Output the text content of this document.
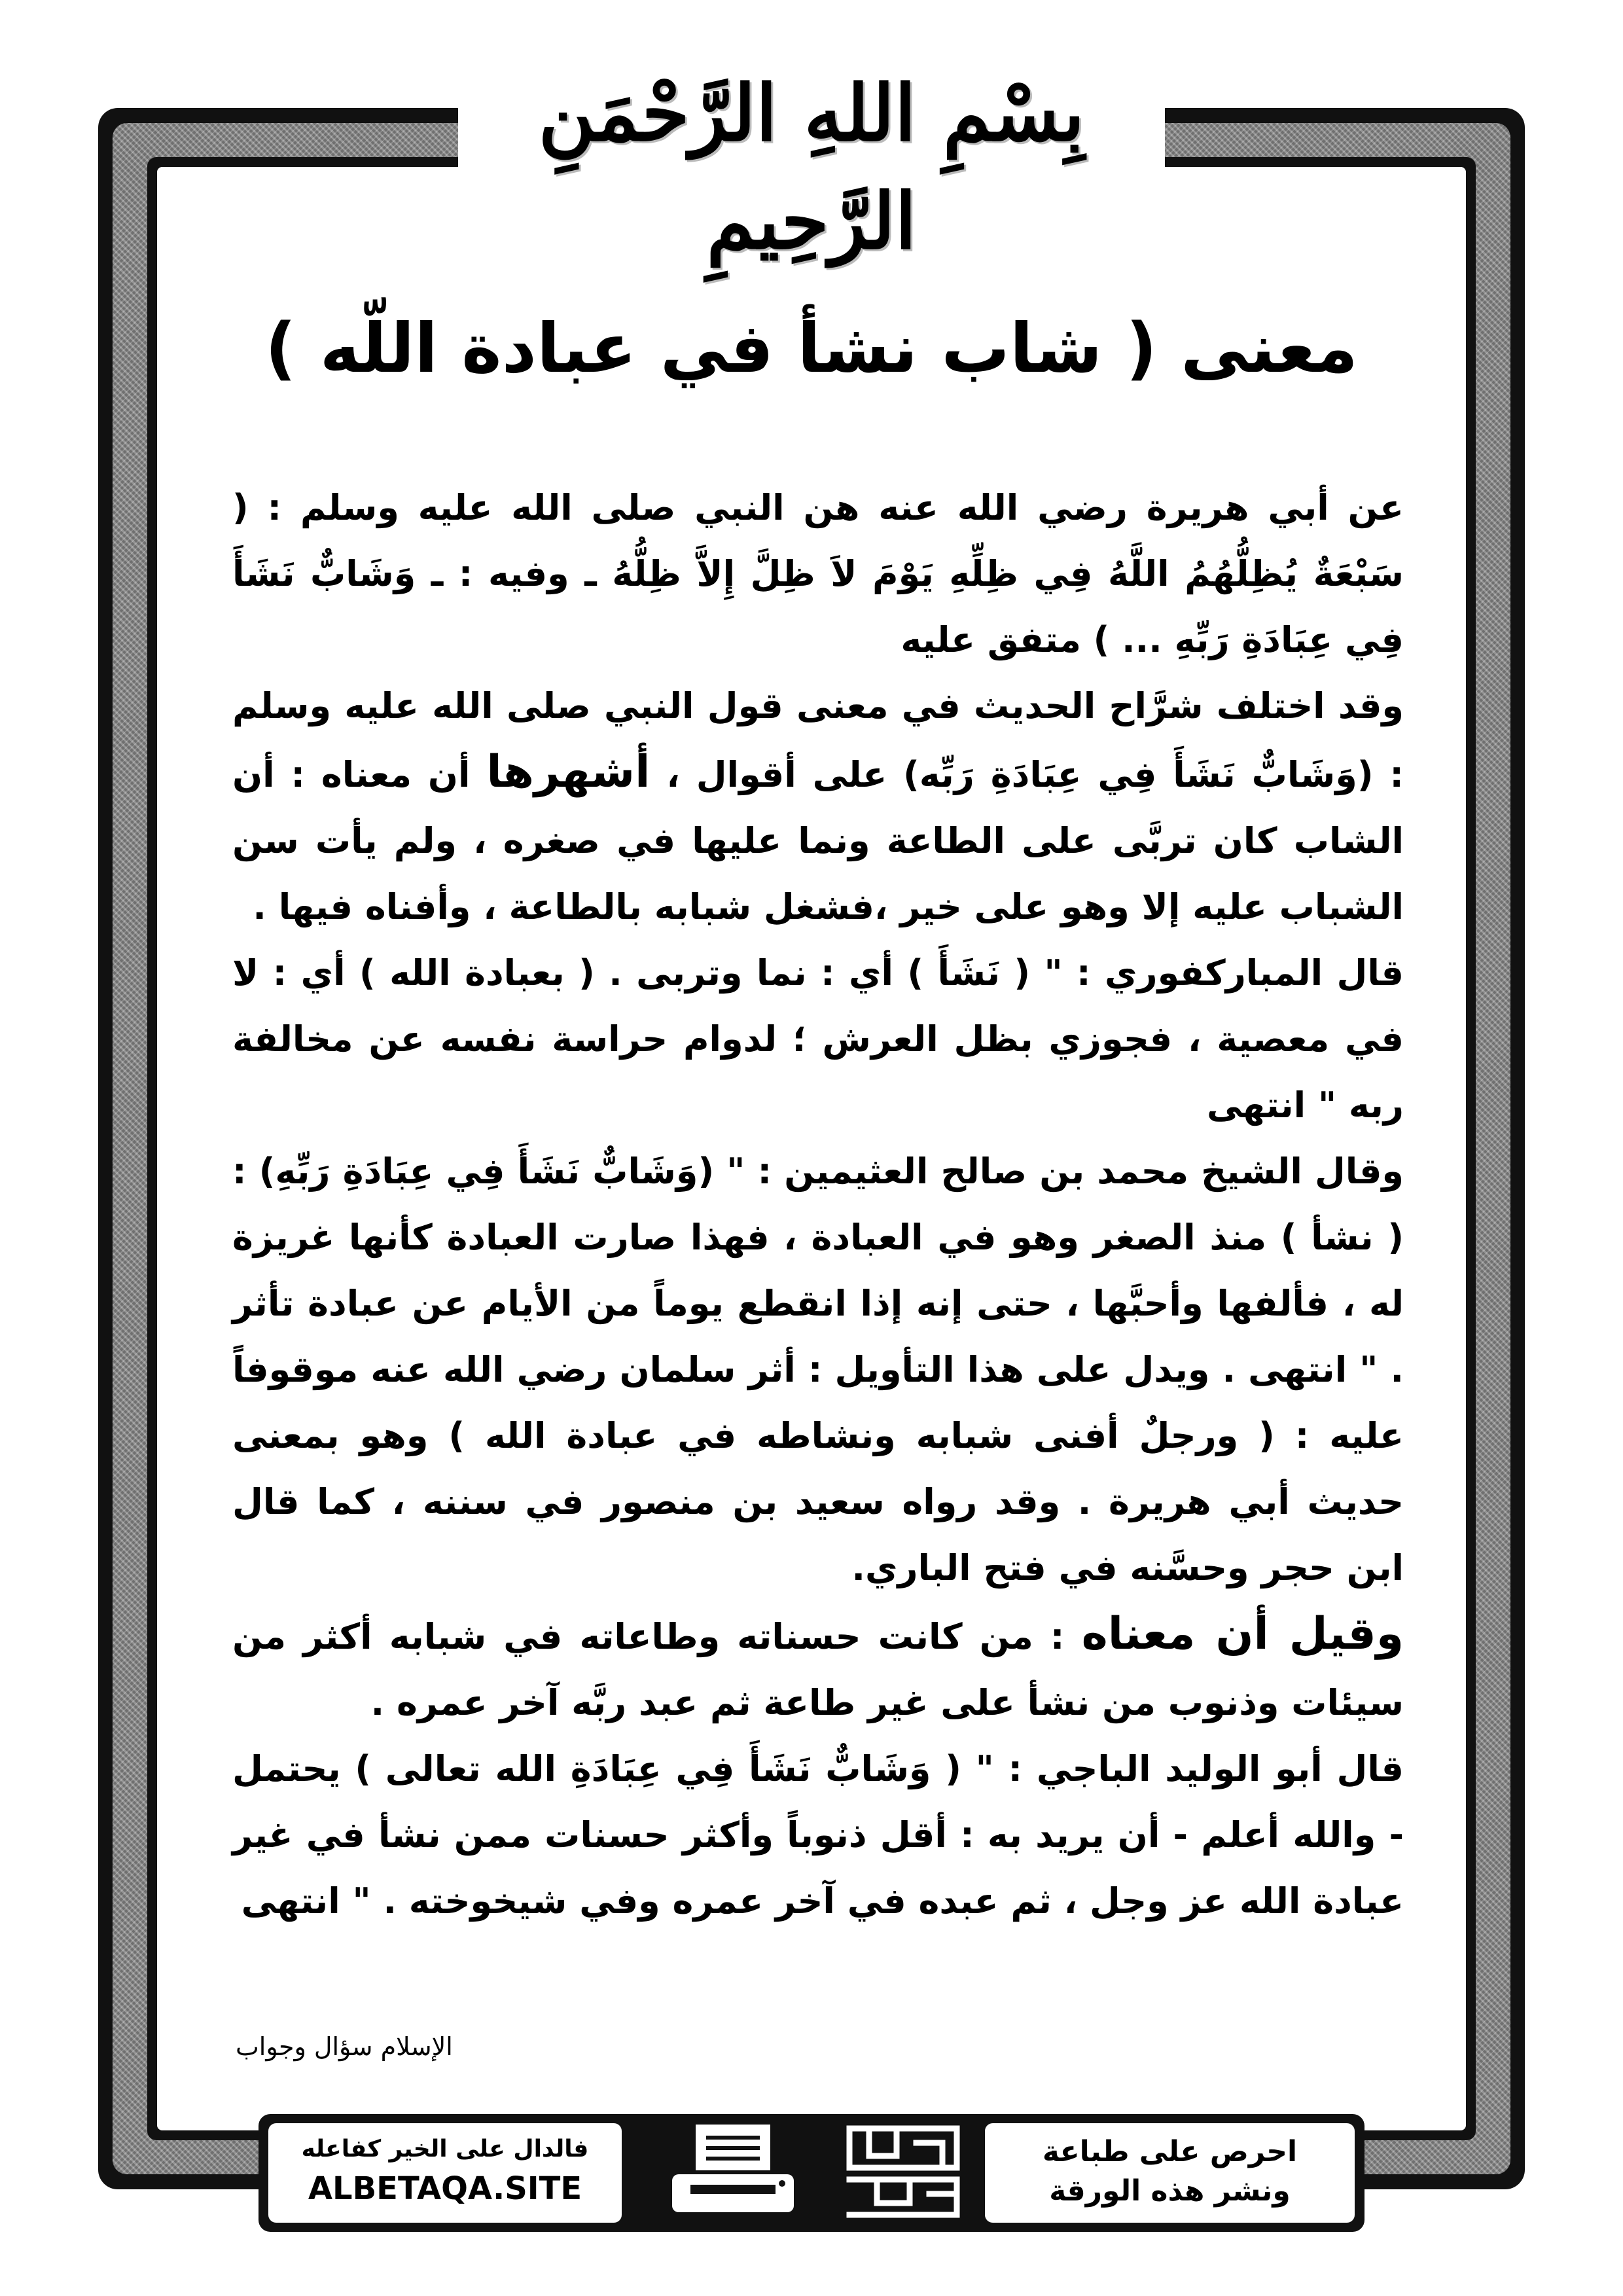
بِسْمِ اللهِ الرَّحْمَنِ الرَّحِيمِ
معنى ( شاب نشأ في عبادة اللّه )

عن أبي هريرة رضي الله عنه هن النبي صلى الله عليه وسلم : ( سَبْعَةٌ يُظِلُّهُمُ اللَّهُ فِي ظِلِّهِ يَوْمَ لاَ ظِلَّ إِلاَّ ظِلُّهُ ـ وفيه : ـ وَشَابٌّ نَشَأَ فِي عِبَادَةِ رَبِّهِ ... ) متفق عليه

وقد اختلف شرَّاح الحديث في معنى قول النبي صلى الله عليه وسلم : (وَشَابٌّ نَشَأَ فِي عِبَادَةِ رَبِّه) على أقوال ، أشهرها أن معناه : أن الشاب كان تربَّى على الطاعة ونما عليها في صغره ، ولم يأت سن الشباب عليه إلا وهو على خير ،فشغل شبابه بالطاعة ، وأفناه فيها .

قال المباركفوري : " ( نَشَأَ ) أي : نما وتربى . ( بعبادة الله ) أي : لا في معصية ، فجوزي بظل العرش ؛ لدوام حراسة نفسه عن مخالفة ربه " انتهى

وقال الشيخ محمد بن صالح العثيمين : " (وَشَابٌّ نَشَأَ فِي عِبَادَةِ رَبِّهِ) : ( نشأ ) منذ الصغر وهو في العبادة ، فهذا صارت العبادة كأنها غريزة له ، فألفها وأحبَّها ، حتى إنه إذا انقطع يوماً من الأيام عن عبادة تأثر . " انتهى . ويدل على هذا التأويل : أثر سلمان رضي الله عنه موقوفاً عليه : ( ورجلٌ أفنى شبابه ونشاطه في عبادة الله ) وهو بمعنى حديث أبي هريرة . وقد رواه سعيد بن منصور في سننه ، كما قال ابن حجر وحسَّنه في فتح الباري.

وقيل أن معناه : من كانت حسناته وطاعاته في شبابه أكثر من سيئات وذنوب من نشأ على غير طاعة ثم عبد ربَّه آخر عمره .

قال أبو الوليد الباجي : " ( وَشَابٌّ نَشَأَ فِي عِبَادَةِ الله تعالى ) يحتمل - والله أعلم - أن يريد به : أقل ذنوباً وأكثر حسنات ممن نشأ في غير عبادة الله عز وجل ، ثم عبده في آخر عمره وفي شيخوخته . " انتهى

الإسلام سؤال وجواب
احرص على طباعة
ونشر هذه الورقة
دعوة الورقة
فالدال على الخير كفاعله
ALBETAQA.SITE
